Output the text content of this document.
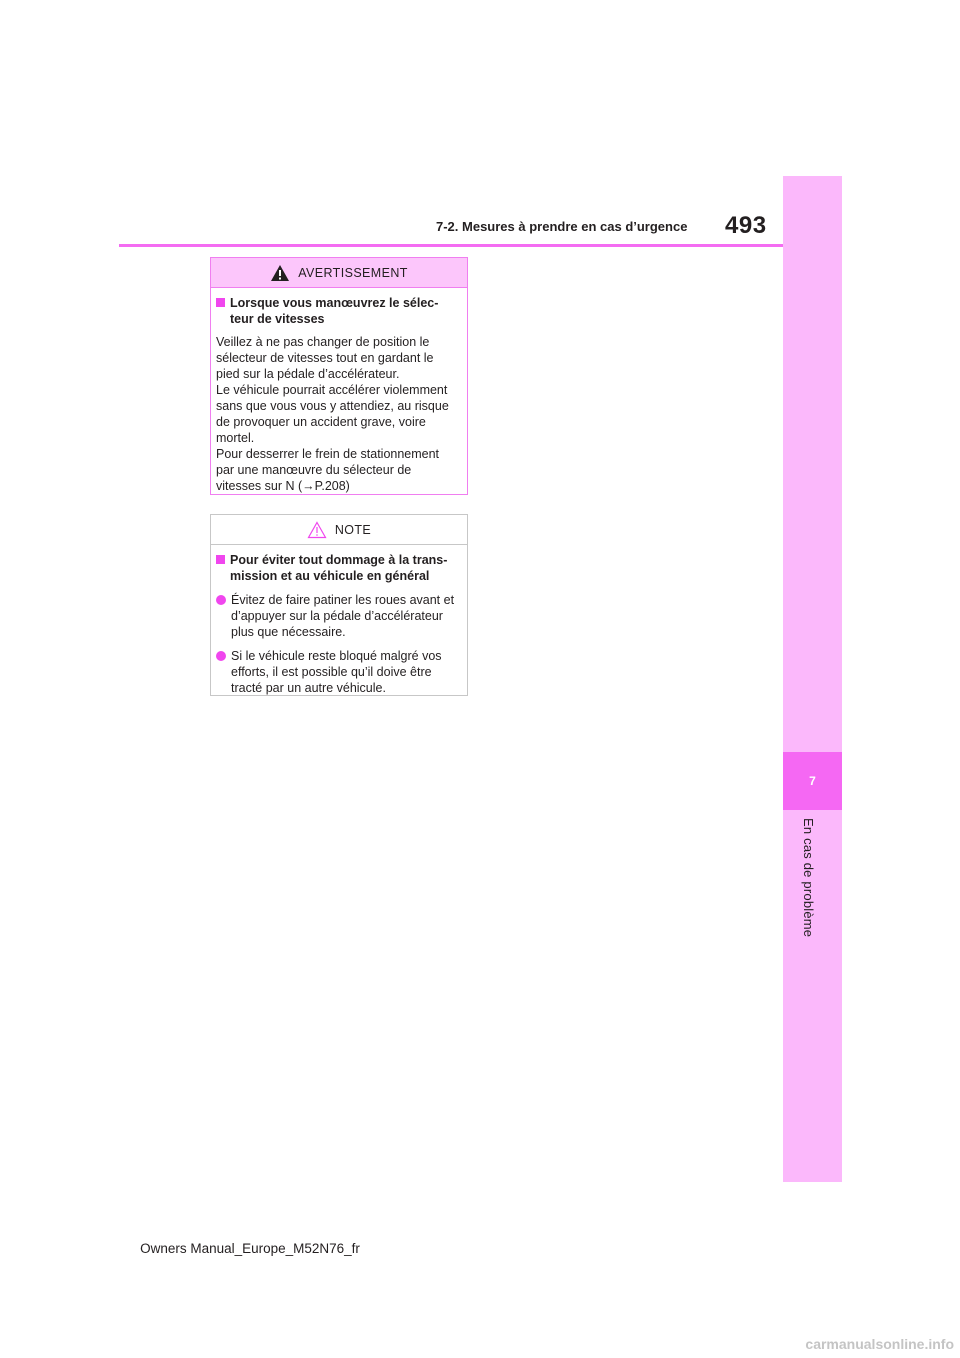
493
7-2. Mesures à prendre en cas d’urgence
7
En cas de problème
AVERTISSEMENT
Lorsque vous manœuvrez le sélec-
teur de vitesses
Veillez à ne pas changer de position le
sélecteur de vitesses tout en gardant le
pied sur la pédale d’accélérateur.
Le véhicule pourrait accélérer violemment
sans que vous vous y attendiez, au risque
de provoquer un accident grave, voire
mortel.
Pour desserrer le frein de stationnement
par une manœuvre du sélecteur de
vitesses sur N (→P.208)
NOTE
Pour éviter tout dommage à la trans-
mission et au véhicule en général
Évitez de faire patiner les roues avant et
d’appuyer sur la pédale d’accélérateur
plus que nécessaire.
Si le véhicule reste bloqué malgré vos
efforts, il est possible qu’il doive être
tracté par un autre véhicule.
Owners Manual_Europe_M52N76_fr
carmanualsonline.info
